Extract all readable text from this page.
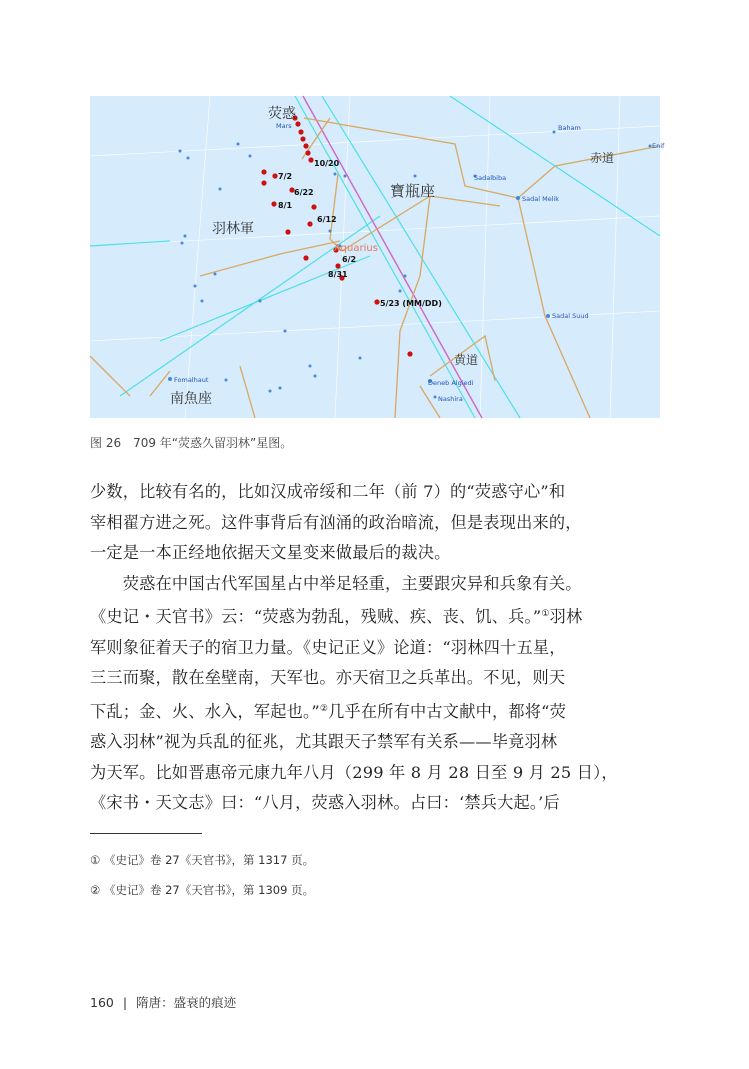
荧惑
寶瓶座
羽林軍
南魚座
赤道
黄道
Mars
Aquarius
Baham
Enif
Sadalbiba
Sadal Melik
Sadal Suud
Fomalhaut	Deneb Algiedi
Nashira
10/20
7/2
6/22
8/1
6/12
6/2
8/31
5/23 (MM/DD)
图 26　709 年“荧惑久留羽林”星图。

少数，比较有名的，比如汉成帝绥和二年（前 7）的“荧惑守心”和

宰相翟方进之死。这件事背后有汹涌的政治暗流，但是表现出来的，

一定是一本正经地依据天文星变来做最后的裁决。

　　荧惑在中国古代军国星占中举足轻重，主要跟灾异和兵象有关。

《史记・天官书》云：“荧惑为勃乱，残贼、疾、丧、饥、兵。”①羽林

军则象征着天子的宿卫力量。《史记正义》论道：“羽林四十五星，

三三而聚，散在垒壁南，天军也。亦天宿卫之兵革出。不见，则天

下乱；金、火、水入，军起也。”②几乎在所有中古文献中，都将“荧

惑入羽林”视为兵乱的征兆，尤其跟天子禁军有关系——毕竟羽林

为天军。比如晋惠帝元康九年八月（299 年 8 月 28 日至 9 月 25 日），

《宋书・天文志》曰：“八月，荧惑入羽林。占曰：‘禁兵大起。’后

① 《史记》卷 27《天官书》，第 1317 页。
② 《史记》卷 27《天官书》，第 1309 页。
160 | 隋唐：盛衰的痕迹
